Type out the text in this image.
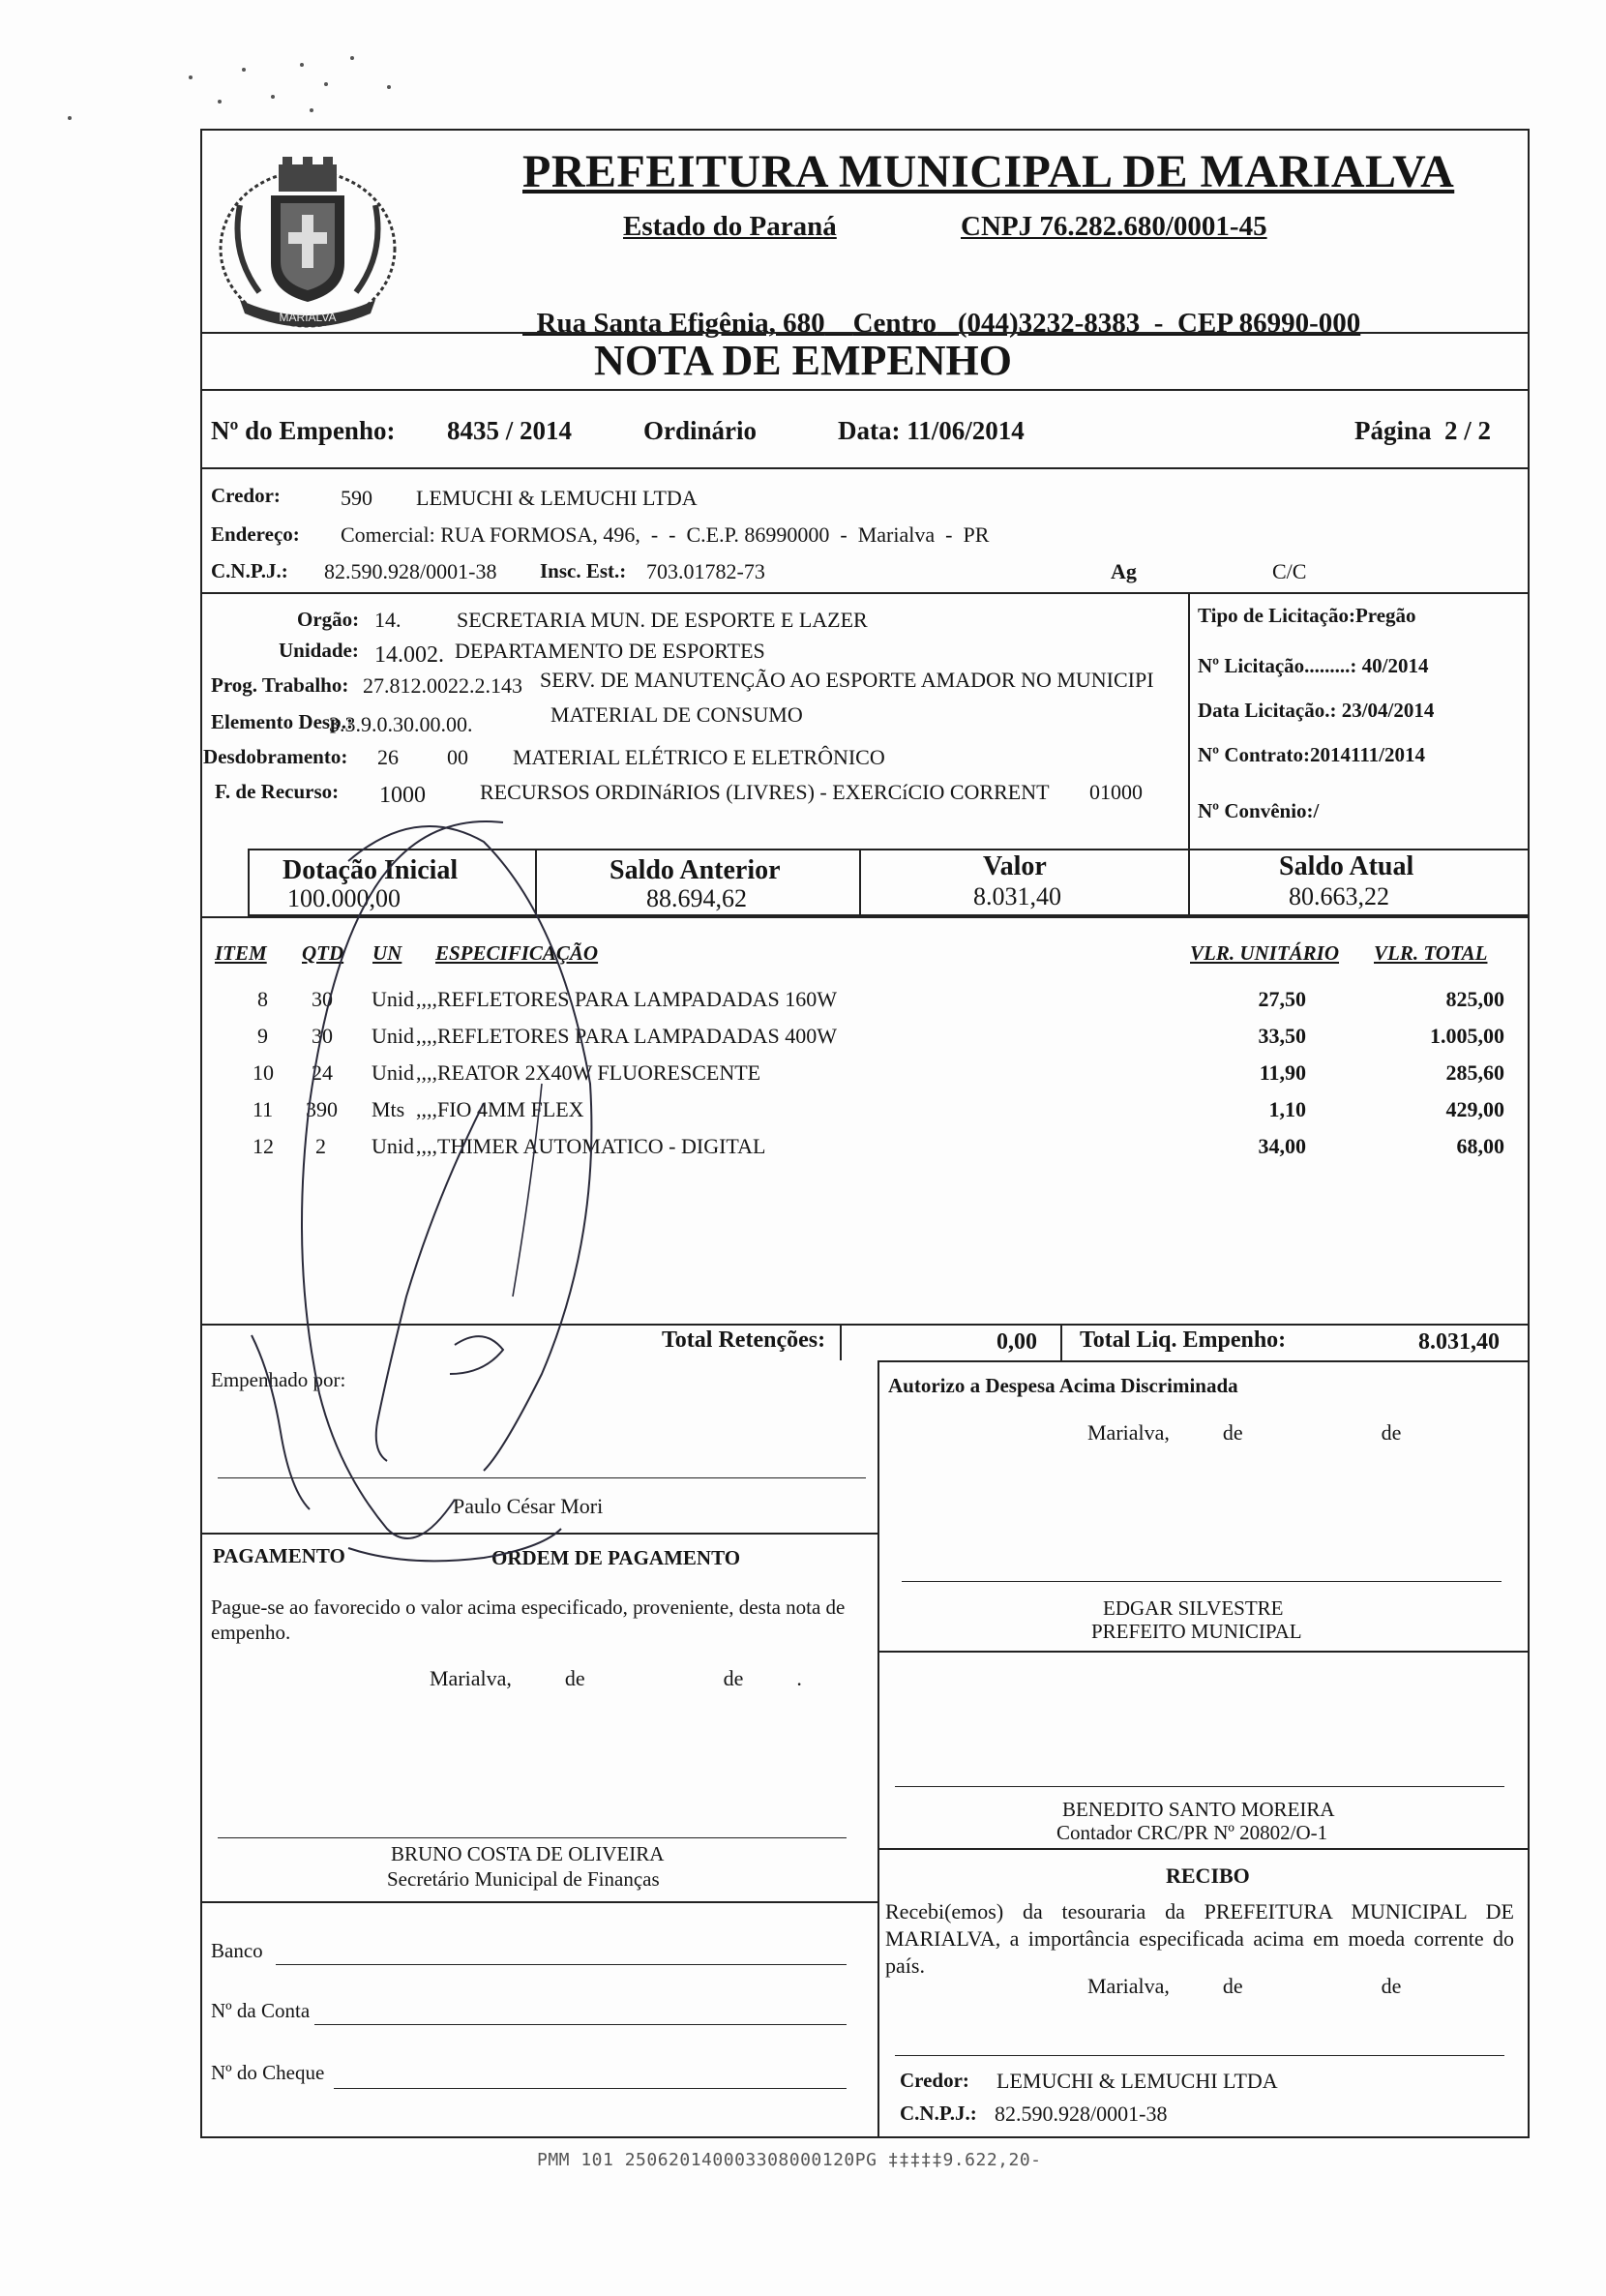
MARIALVA
PREFEITURA MUNICIPAL DE MARIALVA
Estado do Paraná	CNPJ 76.282.680/0001-45

Rua Santa Efigênia, 680 Centro (044)3232-8383  -  CEP 86990-000

NOTA DE EMPENHO
Nº do Empenho: 8435 / 2014	Ordinário	Data: 11/06/2014	Página 2 / 2
Credor:	590 LEMUCHI & LEMUCHI LTDA
Endereço: Comercial: RUA FORMOSA, 496,  -  -  C.E.P. 86990000  -  Marialva  -  PR
C.N.P.J.: 82.590.928/0001-38 Insc. Est.: 703.01782-73	Ag	C/C
Orgão: 14.	SECRETARIA MUN. DE ESPORTE E LAZER
Unidade: 14.002. DEPARTAMENTO DE ESPORTES
Prog. Trabalho: 27.812.0022.2.143 SERV. DE MANUTENÇÃO AO ESPORTE AMADOR NO MUNICIPI
Elemento Desp.:
3.3.9.0.30.00.00.	MATERIAL DE CONSUMO
Desdobramento: 26 00 MATERIAL ELÉTRICO E ELETRÔNICO
F. de Recurso: 1000	RECURSOS ORDINáRIOS (LIVRES) - EXERCíCIO CORRENT 01000
Tipo de Licitação:Pregão
Nº Licitação.........: 40/2014
Data Licitação.: 23/04/2014
Nº Contrato:20141​11/2014
Nº Convênio:/
Dotação Inicial
100.000,00
Saldo Anterior
88.694,62
Valor
8.031,40
Saldo Atual
80.663,22
ITEM QTD UN ESPECIFICAÇÃO	VLR. UNITÁRIO VLR. TOTAL
8 30 Unid ,,,,REFLETORES PARA LAMPADADAS 160W	27,50	825,00
9 30 Unid ,,,,REFLETORES PARA LAMPADADAS 400W	33,50	1.005,00
10 24 Unid ,,,,REATOR 2X40W FLUORESCENTE	11,90	285,60
11 390 Mts ,,,,FIO 4MM FLEX	1,10	429,00
12 2 Unid ,,,,THIMER AUTOMATICO - DIGITAL	34,00	68,00
Total Retenções:	0,00 Total Liq. Empenho:	8.031,40
Empenhado por:
Paulo César Mori
PAGAMENTO	ORDEM DE PAGAMENTO
Pague-se ao favorecido o valor acima especificado, proveniente, desta nota de empenho.
Marialva,          de                          de          .
BRUNO COSTA DE OLIVEIRA
Secretário Municipal de Finanças
Banco
Nº da Conta
Nº do Cheque
Autorizo a Despesa Acima Discriminada
Marialva,          de                          de
EDGAR SILVESTRE
PREFEITO MUNICIPAL
BENEDITO SANTO MOREIRA
Contador CRC/PR Nº 20802/O-1
RECIBO
Recebi(emos) da tesouraria da PREFEITURA MUNICIPAL DE MARIALVA, a importância especificada acima em moeda corrente do país.
Marialva,          de                          de
Credor: LEMUCHI & LEMUCHI LTDA
C.N.P.J.: 82.590.928/0001-38
PMM 101 2506201400033080001​20PG ‡‡‡‡‡9.622,20-
